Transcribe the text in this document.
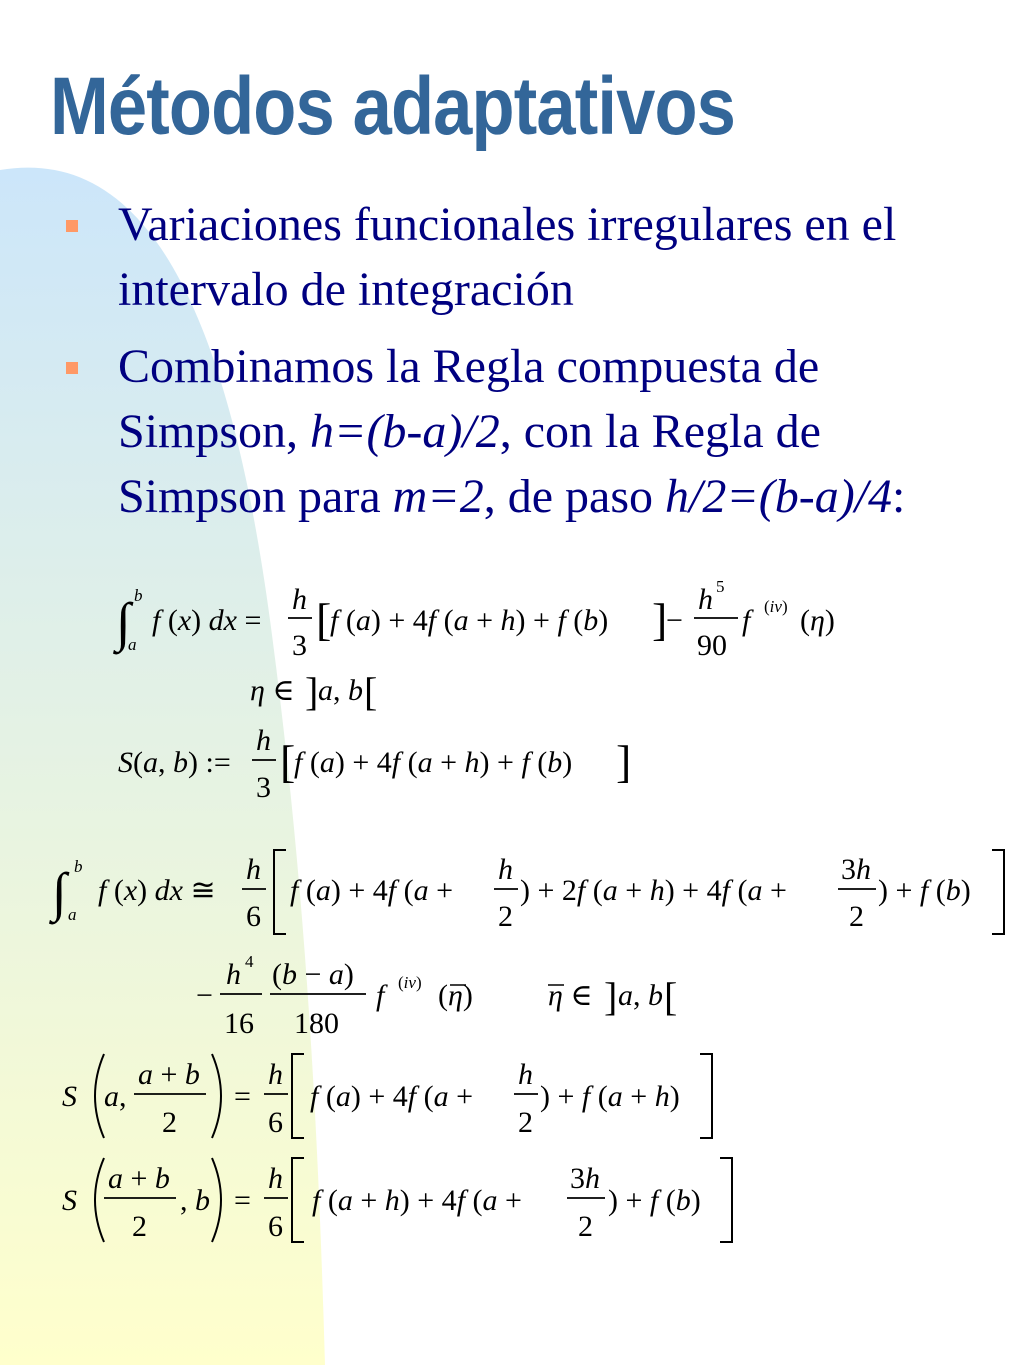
Métodos adaptativos
Variaciones funcionales irregulares en el intervalo de integración
Combinamos la Regla compuesta de Simpson, h=(b-a)/2, con la Regla de Simpson para m=2, de paso h/2=(b-a)/4:
∫ b
a
f (x) dx =
h
3
[
f (a) + 4f (a + h) + f (b) ]
−
h 5
90
f (iv) (η)
η ∈ ] a, b [
S(a, b) :=
h
3
[
f (a) + 4f (a + h) + f (b) ]
∫ b
a
f (x) dx ≅
h
6
f (a) + 4f (a +
h
2
) + 2f (a + h) + 4f (a +
3h
2
) + f (b)
−
h 4
16
(b − a)
180
f (iv) (η)	η ∈ ] a, b [
S a,
a + b
2
=
h
6
f (a) + 4f (a +
h
2
) + f (a + h)
S
a + b
2
, b =
h
6
f (a + h) + 4f (a +
3h
2
) + f (b)
